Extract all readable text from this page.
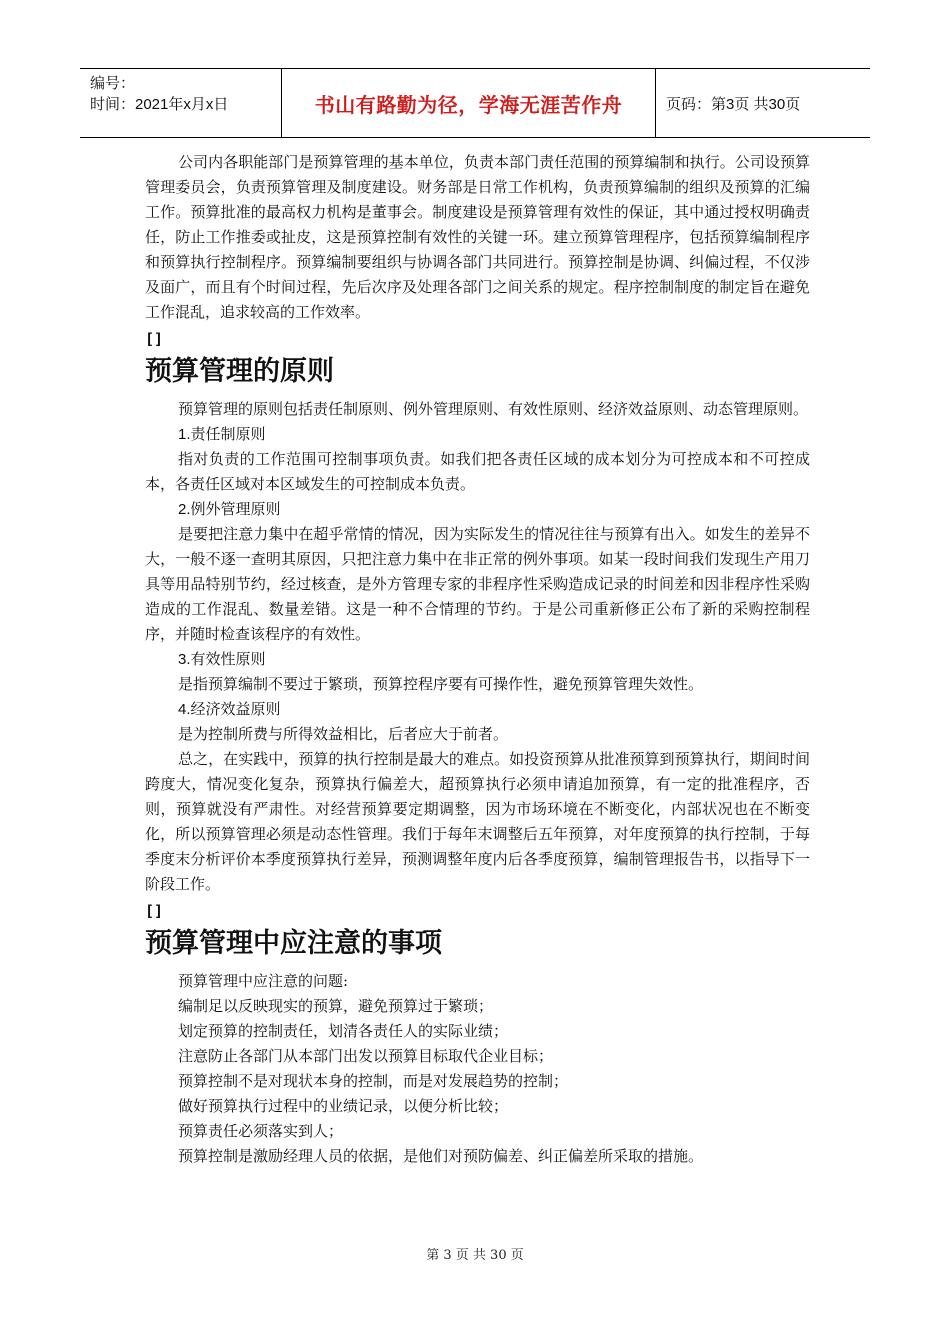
编号：
时间：2021年x月x日	书山有路勤为径，学海无涯苦作舟	页码：第3页 共30页

公司内各职能部门是预算管理的基本单位，负责本部门责任范围的预算编制和执行。公司设预算管理委员会，负责预算管理及制度建设。财务部是日常工作机构，负责预算编制的组织及预算的汇编工作。预算批准的最高权力机构是董事会。制度建设是预算管理有效性的保证，其中通过授权明确责任，防止工作推委或扯皮，这是预算控制有效性的关键一环。建立预算管理程序，包括预算编制程序和预算执行控制程序。预算编制要组织与协调各部门共同进行。预算控制是协调、纠偏过程，不仅涉及面广，而且有个时间过程，先后次序及处理各部门之间关系的规定。程序控制制度的制定旨在避免工作混乱，追求较高的工作效率。

[]
预算管理的原则

预算管理的原则包括责任制原则、例外管理原则、有效性原则、经济效益原则、动态管理原则。

1.责任制原则

指对负责的工作范围可控制事项负责。如我们把各责任区域的成本划分为可控成本和不可控成本，各责任区域对本区域发生的可控制成本负责。

2.例外管理原则

是要把注意力集中在超乎常情的情况，因为实际发生的情况往往与预算有出入。如发生的差异不大，一般不逐一查明其原因，只把注意力集中在非正常的例外事项。如某一段时间我们发现生产用刀具等用品特别节约，经过核查，是外方管理专家的非程序性采购造成记录的时间差和因非程序性采购造成的工作混乱、数量差错。这是一种不合情理的节约。于是公司重新修正公布了新的采购控制程序，并随时检查该程序的有效性。

3.有效性原则

是指预算编制不要过于繁琐，预算控程序要有可操作性，避免预算管理失效性。

4.经济效益原则

是为控制所费与所得效益相比，后者应大于前者。

总之，在实践中，预算的执行控制是最大的难点。如投资预算从批准预算到预算执行，期间时间跨度大，情况变化复杂，预算执行偏差大，超预算执行必须申请追加预算，有一定的批准程序，否则，预算就没有严肃性。对经营预算要定期调整，因为市场环境在不断变化，内部状况也在不断变化，所以预算管理必须是动态性管理。我们于每年末调整后五年预算，对年度预算的执行控制，于每季度末分析评价本季度预算执行差异，预测调整年度内后各季度预算，编制管理报告书，以指导下一阶段工作。

[]
预算管理中应注意的事项

预算管理中应注意的问题:

编制足以反映现实的预算，避免预算过于繁琐；

划定预算的控制责任，划清各责任人的实际业绩；

注意防止各部门从本部门出发以预算目标取代企业目标；

预算控制不是对现状本身的控制，而是对发展趋势的控制；

做好预算执行过程中的业绩记录，以便分析比较；

预算责任必须落实到人；

预算控制是激励经理人员的依据，是他们对预防偏差、纠正偏差所采取的措施。

第 3 页 共 30 页
